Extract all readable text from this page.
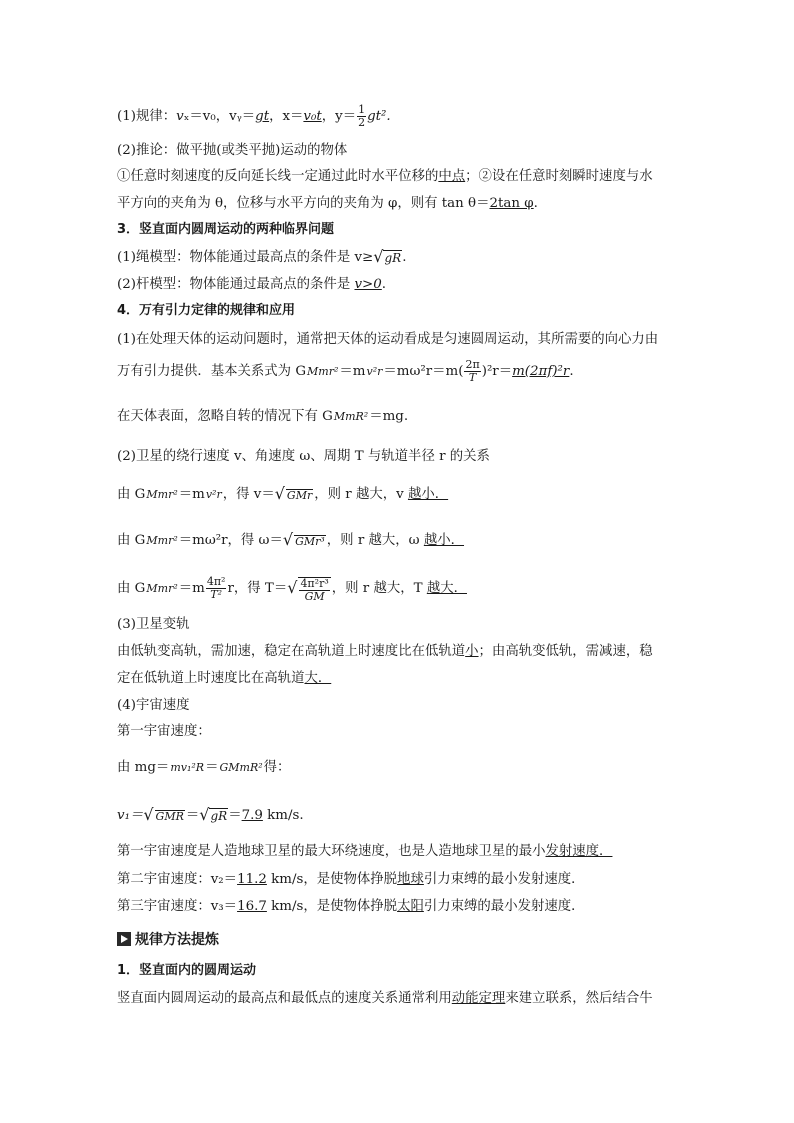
(1)规律：vₓ＝v₀，vᵧ＝gt，x＝v₀t，$y= \frac{1}{2} gt^2$.
(2)推论：做平抛(或类平抛)运动的物体
①任意时刻速度的反向延长线一定通过此时水平位移的中点；②设在任意时刻瞬时速度与水
平方向的夹角为 θ，位移与水平方向的夹角为 φ，则有 tan θ＝2tan φ.
3．竖直面内圆周运动的两种临界问题
(1)绳模型：物体能通过最高点的条件是 v≥√gR.
(2)杆模型：物体能通过最高点的条件是 v>0.
4．万有引力定律的规律和应用
(1)在处理天体的运动问题时，通常把天体的运动看成是匀速圆周运动，其所需要的向心力由
万有引力提供．基本关系式为 GMmr²＝mv²r＝mω²r＝m( $\frac{2\pi}{T})^2r=m(2\pi f)^2r$.
在天体表面，忽略自转的情况下有 GMmR²＝mg.
(2)卫星的绕行速度 v、角速度 ω、周期 T 与轨道半径 r 的关系
由 GMmr²＝mv²r，得 v＝√ GMr ，则 r 越大，v 越小．
由 GMmr²＝mω²r，得 ω＝√ GMr³ ，则 r 越大，ω 越小．
由 GMmr²＝m $\frac{\text{4π²}}{\text{T²}}r$，得 $T=√ \frac{\text{4π²r³}}{GM}$，则 r 越大，T 越大．
(3)卫星变轨
由低轨变高轨，需加速，稳定在高轨道上时速度比在低轨道小；由高轨变低轨，需减速，稳
定在低轨道上时速度比在高轨道大．
(4)宇宙速度
第一宇宙速度：
由 mg＝mv₁²R＝GMmR²得：
v₁＝√ GMR ＝√gR＝7.9 km/s.
第一宇宙速度是人造地球卫星的最大环绕速度，也是人造地球卫星的最小发射速度．
第二宇宙速度：v₂＝11.2 km/s，是使物体挣脱地球引力束缚的最小发射速度．
第三宇宙速度：v₃＝16.7 km/s，是使物体挣脱太阳引力束缚的最小发射速度．
规律方法提炼
1．竖直面内的圆周运动
竖直面内圆周运动的最高点和最低点的速度关系通常利用动能定理来建立联系，然后结合牛
